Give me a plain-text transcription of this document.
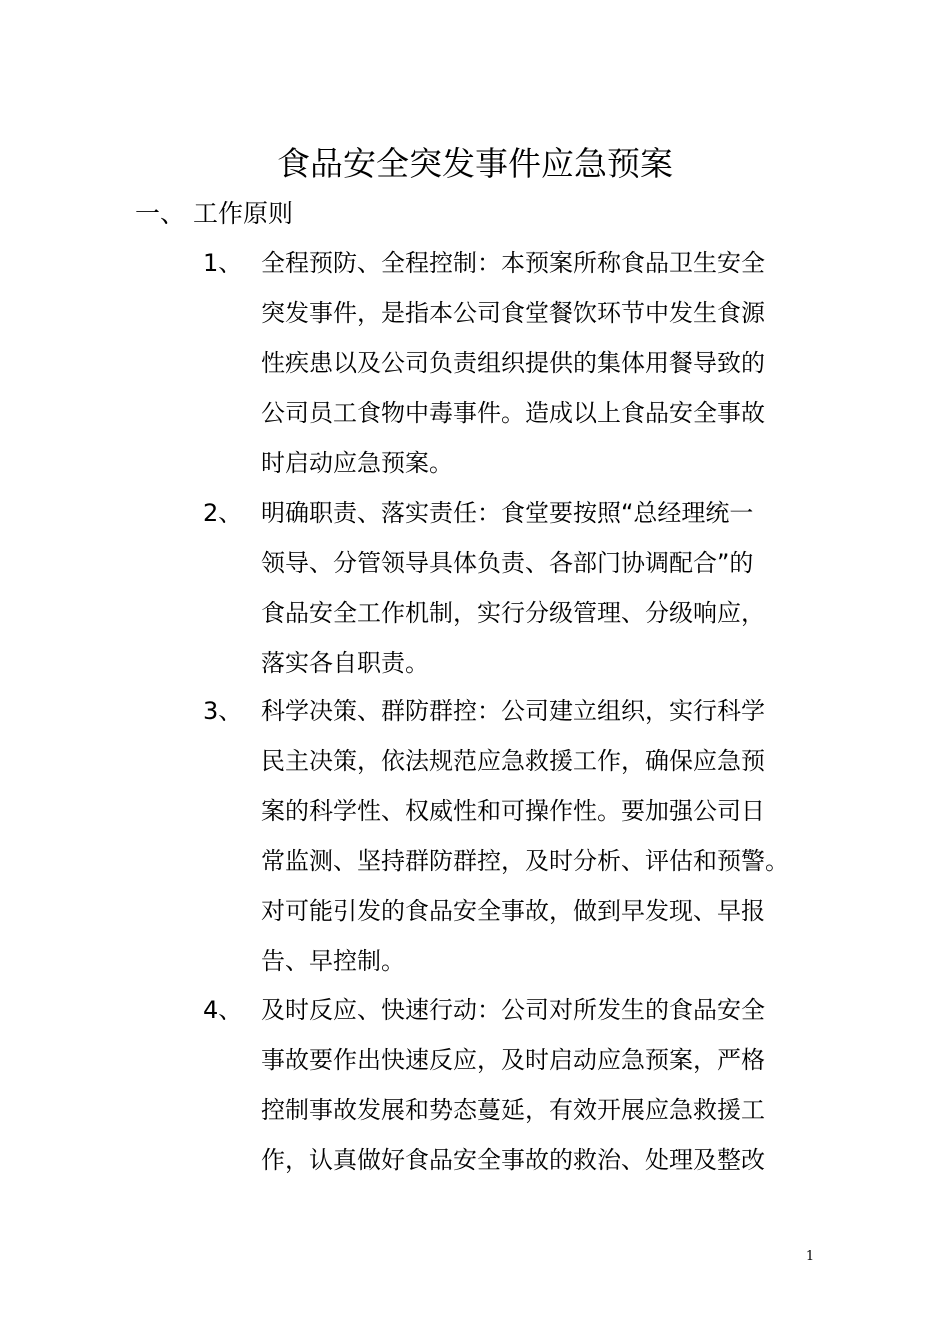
食品安全突发事件应急预案
一、 工作原则
1、 全程预防、全程控制：本预案所称食品卫生安全
突发事件，是指本公司食堂餐饮环节中发生食源
性疾患以及公司负责组织提供的集体用餐导致的
公司员工食物中毒事件。造成以上食品安全事故
时启动应急预案。
2、 明确职责、落实责任：食堂要按照“总经理统一
领导、分管领导具体负责、各部门协调配合”的
食品安全工作机制，实行分级管理、分级响应，
落实各自职责。
3、 科学决策、群防群控：公司建立组织，实行科学
民主决策，依法规范应急救援工作，确保应急预
案的科学性、权威性和可操作性。要加强公司日
常监测、坚持群防群控，及时分析、评估和预警。
对可能引发的食品安全事故，做到早发现、早报
告、早控制。
4、 及时反应、快速行动：公司对所发生的食品安全
事故要作出快速反应，及时启动应急预案，严格
控制事故发展和势态蔓延，有效开展应急救援工
作，认真做好食品安全事故的救治、处理及整改
1
